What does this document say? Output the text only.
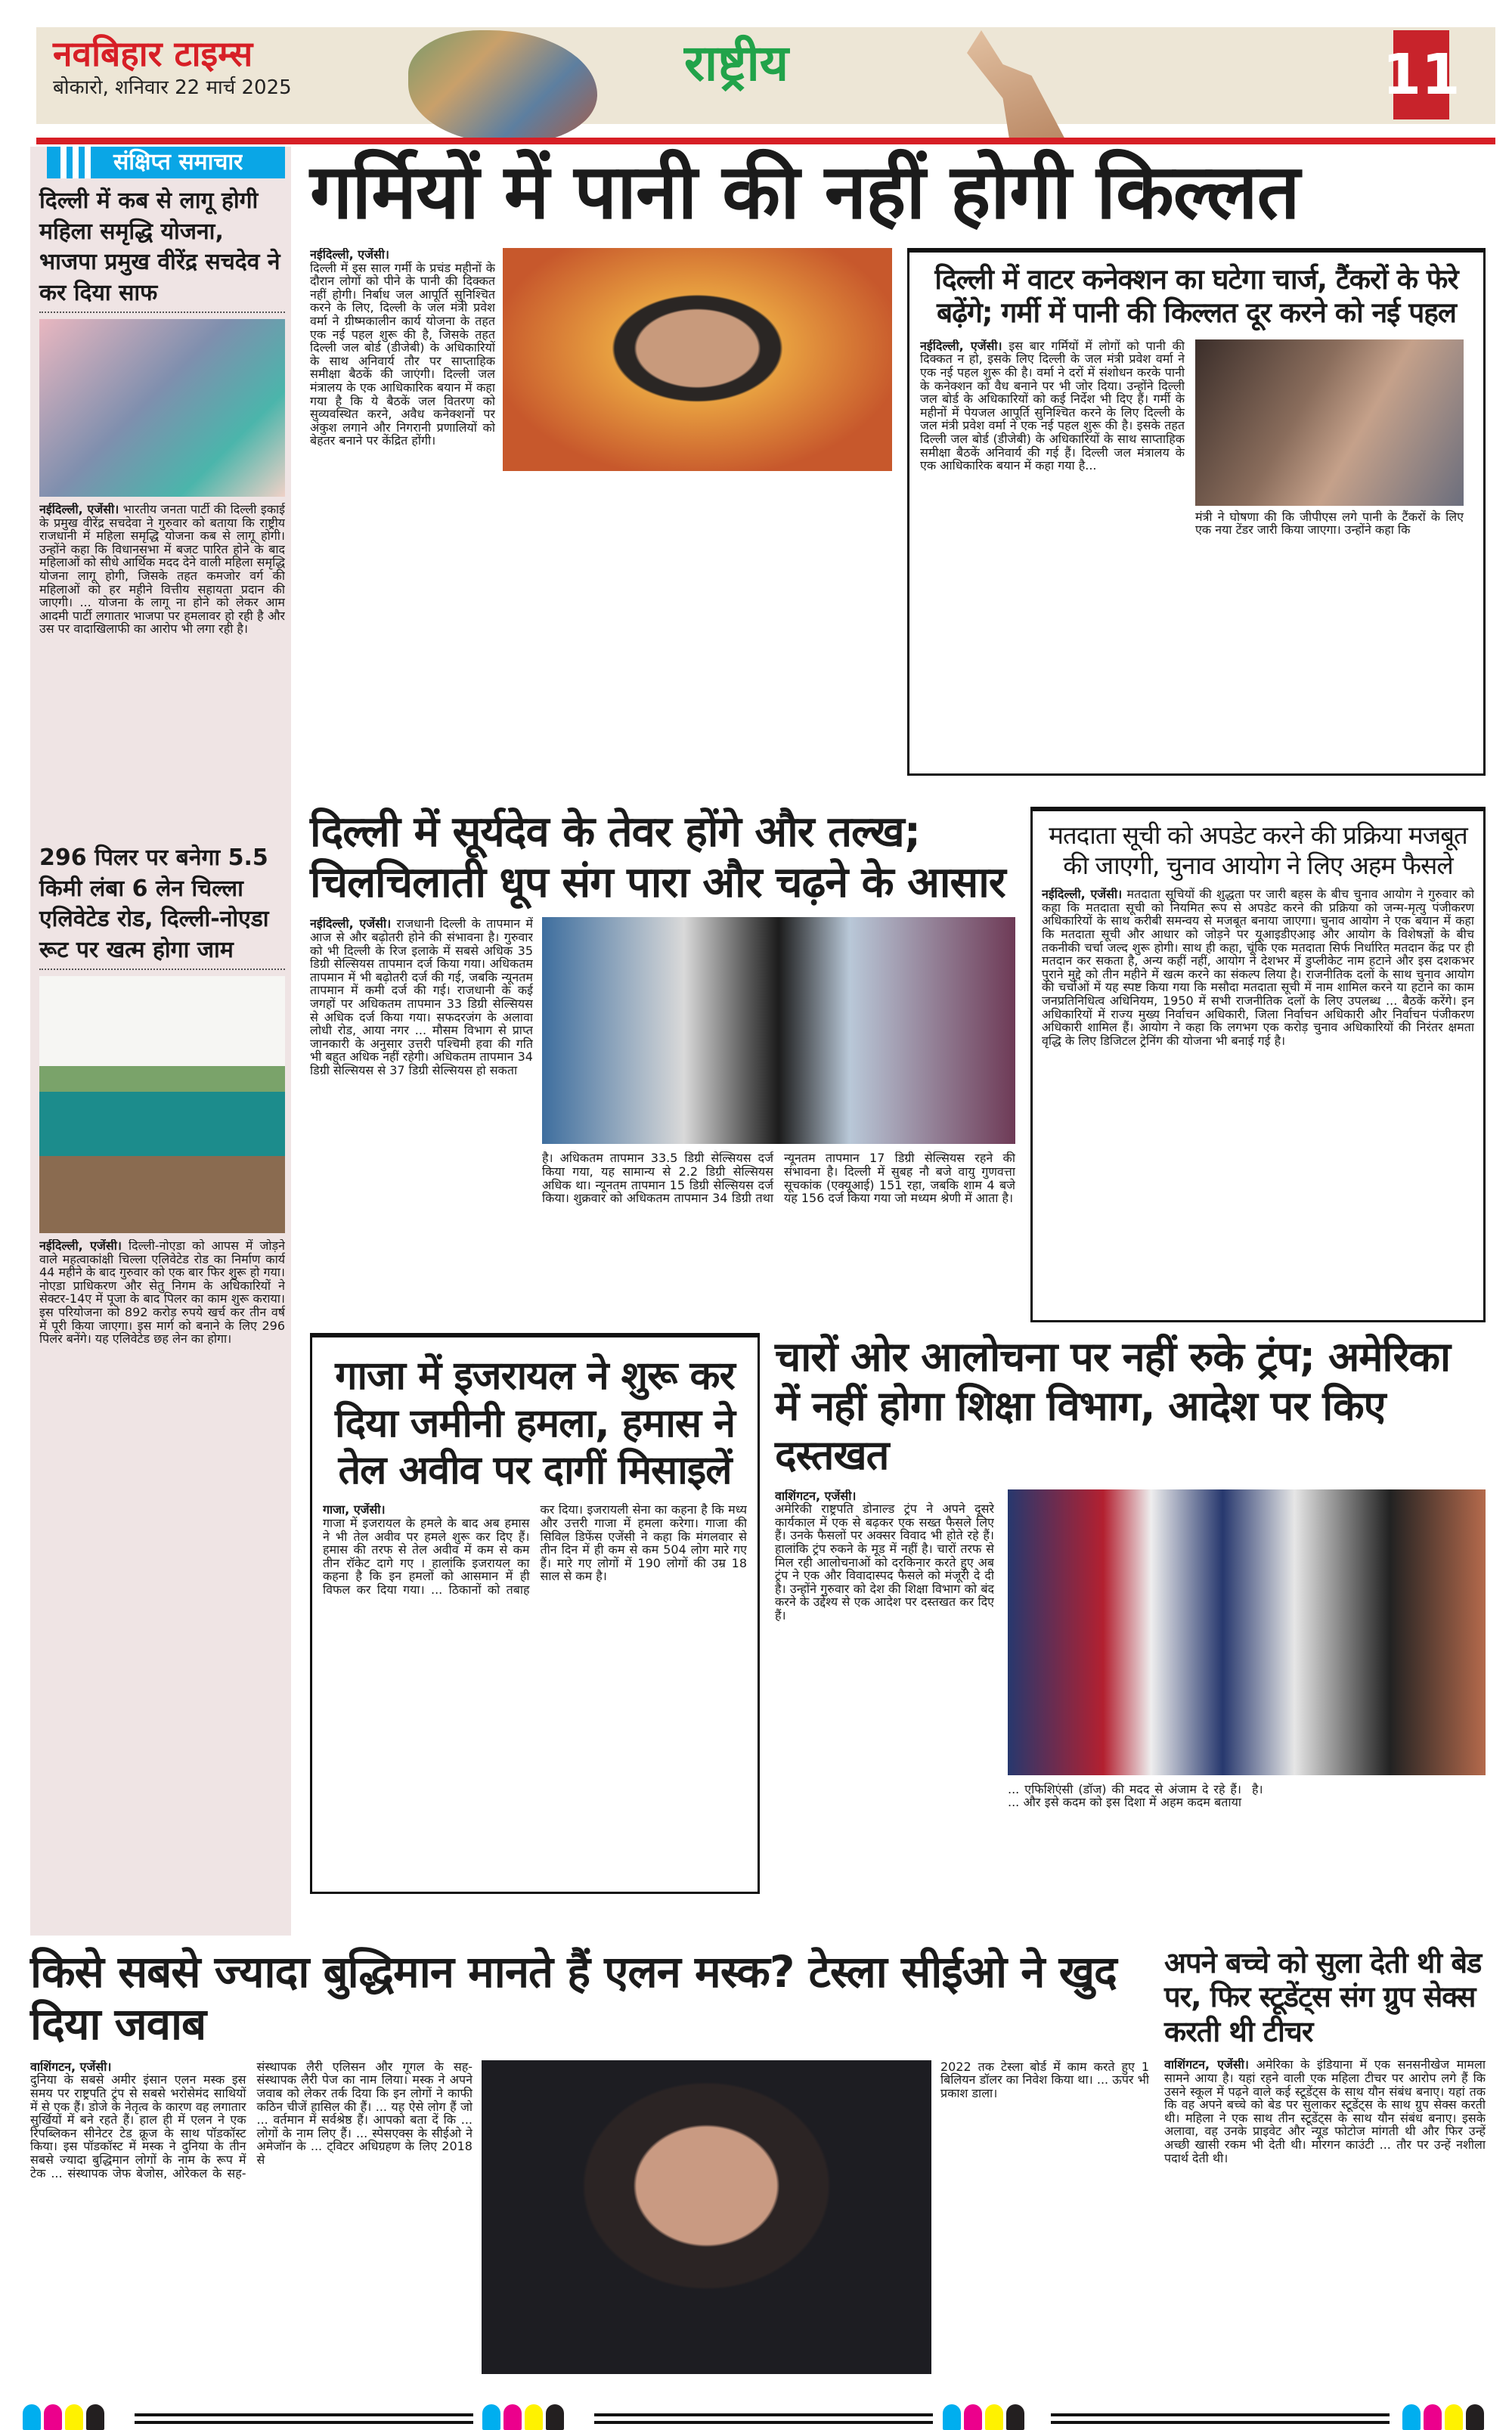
नवबिहार टाइम्स
बोकारो, शनिवार 22 मार्च 2025	राष्ट्रीय	11
संक्षिप्त समाचार
दिल्ली में कब से लागू होगी महिला समृद्धि योजना, भाजपा प्रमुख वीरेंद्र सचदेव ने कर दिया साफ
नईदिल्ली, एजेंसी। भारतीय जनता पार्टी की दिल्ली इकाई के प्रमुख वीरेंद्र सचदेवा ने गुरुवार को बताया कि राष्ट्रीय राजधानी में महिला समृद्धि योजना कब से लागू होगी। उन्होंने कहा कि विधानसभा में बजट पारित होने के बाद महिलाओं को सीधे आर्थिक मदद देने वाली महिला समृद्धि योजना लागू होगी, जिसके तहत कमजोर वर्ग की महिलाओं को हर महीने वित्तीय सहायता प्रदान की जाएगी। ... योजना के लागू ना होने को लेकर आम आदमी पार्टी लगातार भाजपा पर हमलावर हो रही है और उस पर वादाखिलाफी का आरोप भी लगा रही है।
296 पिलर पर बनेगा 5.5 किमी लंबा 6 लेन चिल्ला एलिवेटेड रोड, दिल्ली-नोएडा रूट पर खत्म होगा जाम
नईदिल्ली, एजेंसी। दिल्ली-नोएडा को आपस में जोड़ने वाले महत्वाकांक्षी चिल्ला एलिवेटेड रोड का निर्माण कार्य 44 महीने के बाद गुरुवार को एक बार फिर शुरू हो गया। नोएडा प्राधिकरण और सेतु निगम के अधिकारियों ने सेक्टर-14ए में पूजा के बाद पिलर का काम शुरू कराया। इस परियोजना को 892 करोड़ रुपये खर्च कर तीन वर्ष में पूरी किया जाएगा। इस मार्ग को बनाने के लिए 296 पिलर बनेंगे। यह एलिवेटेड छह लेन का होगा।
गर्मियों में पानी की नहीं होगी किल्लत
नईदिल्ली, एजेंसी।
दिल्ली में इस साल गर्मी के प्रचंड महीनों के दौरान लोगों को पीने के पानी की दिक्कत नहीं होगी। निर्बाध जल आपूर्ति सुनिश्चित करने के लिए, दिल्ली के जल मंत्री प्रवेश वर्मा ने ग्रीष्मकालीन कार्य योजना के तहत एक नई पहल शुरू की है, जिसके तहत दिल्ली जल बोर्ड (डीजेबी) के अधिकारियों के साथ अनिवार्य तौर पर साप्ताहिक समीक्षा बैठकें की जाएंगी। दिल्ली जल मंत्रालय के एक आधिकारिक बयान में कहा गया है कि ये बैठकें जल वितरण को सुव्यवस्थित करने, अवैध कनेक्शनों पर अंकुश लगाने और निगरानी प्रणालियों को बेहतर बनाने पर केंद्रित होंगी।

दिल्ली में वाटर कनेक्शन का घटेगा चार्ज, टैंकरों के फेरे बढ़ेंगे; गर्मी में पानी की किल्लत दूर करने को नई पहल
नईदिल्ली, एजेंसी। इस बार गर्मियों में लोगों को पानी की दिक्कत न हो, इसके लिए दिल्ली के जल मंत्री प्रवेश वर्मा ने एक नई पहल शुरू की है। वर्मा ने दरों में संशोधन करके पानी के कनेक्शन को वैध बनाने पर भी जोर दिया। उन्होंने दिल्ली जल बोर्ड के अधिकारियों को कई निर्देश भी दिए हैं। गर्मी के महीनों में पेयजल आपूर्ति सुनिश्चित करने के लिए दिल्ली के जल मंत्री प्रवेश वर्मा ने एक नई पहल शुरू की है। इसके तहत दिल्ली जल बोर्ड (डीजेबी) के अधिकारियों के साथ साप्ताहिक समीक्षा बैठकें अनिवार्य की गई हैं। दिल्ली जल मंत्रालय के एक आधिकारिक बयान में कहा गया है...
मंत्री ने घोषणा की कि जीपीएस लगे पानी के टैंकरों के लिए एक नया टेंडर जारी किया जाएगा। उन्होंने कहा कि
दिल्ली में सूर्यदेव के तेवर होंगे और तल्ख; चिलचिलाती धूप संग पारा और चढ़ने के आसार
नईदिल्ली, एजेंसी। राजधानी दिल्ली के तापमान में आज से और बढ़ोतरी होने की संभावना है। गुरुवार को भी दिल्ली के रिज इलाके में सबसे अधिक 35 डिग्री सेल्सियस तापमान दर्ज किया गया। अधिकतम तापमान में भी बढ़ोतरी दर्ज की गई, जबकि न्यूनतम तापमान में कमी दर्ज की गई। राजधानी के कई जगहों पर अधिकतम तापमान 33 डिग्री सेल्सियस से अधिक दर्ज किया गया। सफदरजंग के अलावा लोधी रोड, आया नगर ... मौसम विभाग से प्राप्त जानकारी के अनुसार उत्तरी पश्चिमी हवा की गति भी बहुत अधिक नहीं रहेगी। अधिकतम तापमान 34 डिग्री सेल्सियस से 37 डिग्री सेल्सियस हो सकता
है। अधिकतम तापमान 33.5 डिग्री सेल्सियस दर्ज किया गया, यह सामान्य से 2.2 डिग्री सेल्सियस अधिक था। न्यूनतम तापमान 15 डिग्री सेल्सियस दर्ज किया। शुक्रवार को अधिकतम तापमान 34 डिग्री तथा न्यूनतम तापमान 17 डिग्री सेल्सियस रहने की संभावना है। दिल्ली में सुबह नौ बजे वायु गुणवत्ता सूचकांक (एक्यूआई) 151 रहा, जबकि शाम 4 बजे यह 156 दर्ज किया गया जो मध्यम श्रेणी में आता है।
मतदाता सूची को अपडेट करने की प्रक्रिया मजबूत की जाएगी, चुनाव आयोग ने लिए अहम फैसले
नईदिल्ली, एजेंसी। मतदाता सूचियों की शुद्धता पर जारी बहस के बीच चुनाव आयोग ने गुरुवार को कहा कि मतदाता सूची को नियमित रूप से अपडेट करने की प्रक्रिया को जन्म-मृत्यु पंजीकरण अधिकारियों के साथ करीबी समन्वय से मजबूत बनाया जाएगा। चुनाव आयोग ने एक बयान में कहा कि मतदाता सूची और आधार को जोड़ने पर यूआइडीएआइ और आयोग के विशेषज्ञों के बीच तकनीकी चर्चा जल्द शुरू होगी। साथ ही कहा, चूंकि एक मतदाता सिर्फ निर्धारित मतदान केंद्र पर ही मतदान कर सकता है, अन्य कहीं नहीं, आयोग ने देशभर में डुप्लीकेट नाम हटाने और इस दशकभर पुराने मुद्दे को तीन महीने में खत्म करने का संकल्प लिया है। राजनीतिक दलों के साथ चुनाव आयोग की चर्चाओं में यह स्पष्ट किया गया कि मसौदा मतदाता सूची में नाम शामिल करने या हटाने का काम जनप्रतिनिधित्व अधिनियम, 1950 में सभी राजनीतिक दलों के लिए उपलब्ध ... बैठकें करेंगे। इन अधिकारियों में राज्य मुख्य निर्वाचन अधिकारी, जिला निर्वाचन अधिकारी और निर्वाचन पंजीकरण अधिकारी शामिल हैं। आयोग ने कहा कि लगभग एक करोड़ चुनाव अधिकारियों की निरंतर क्षमता वृद्धि के लिए डिजिटल ट्रेनिंग की योजना भी बनाई गई है।
गाजा में इजरायल ने शुरू कर दिया जमीनी हमला, हमास ने तेल अवीव पर दागीं मिसाइलें
गाजा, एजेंसी।
गाजा में इजरायल के हमले के बाद अब हमास ने भी तेल अवीव पर हमले शुरू कर दिए हैं। हमास की तरफ से तेल अवीव में कम से कम तीन रॉकेट दागे गए । हालांकि इजरायल का कहना है कि इन हमलों को आसमान में ही विफल कर दिया गया। ... ठिकानों को तबाह कर दिया। इजरायली सेना का कहना है कि मध्य और उत्तरी गाजा में हमला करेगा। गाजा की सिविल डिफेंस एजेंसी ने कहा कि मंगलवार से तीन दिन में ही कम से कम 504 लोग मारे गए हैं। मारे गए लोगों में 190 लोगों की उम्र 18 साल से कम है।
चारों ओर आलोचना पर नहीं रुके ट्रंप; अमेरिका में नहीं होगा शिक्षा विभाग, आदेश पर किए दस्तखत
वाशिंगटन, एजेंसी।
अमेरिकी राष्ट्रपति डोनाल्ड ट्रंप ने अपने दूसरे कार्यकाल में एक से बढ़कर एक सख्त फैसले लिए हैं। उनके फैसलों पर अक्सर विवाद भी होते रहे हैं। हालांकि ट्रंप रुकने के मूड में नहीं है। चारों तरफ से मिल रही आलोचनाओं को दरकिनार करते हुए अब ट्रंप ने एक और विवादास्पद फैसले को मंजूरी दे दी है। उन्होंने गुरुवार को देश की शिक्षा विभाग को बंद करने के उद्देश्य से एक आदेश पर दस्तखत कर दिए हैं।
... एफिशिएंसी (डॉज) की मदद से अंजाम दे रहे हैं। ... और इसे कदम को इस दिशा में अहम कदम बताया है।
किसे सबसे ज्यादा बुद्धिमान मानते हैं एलन मस्क? टेस्ला सीईओ ने खुद दिया जवाब
वाशिंगटन, एजेंसी।
दुनिया के सबसे अमीर इंसान एलन मस्क इस समय पर राष्ट्रपति ट्रंप से सबसे भरोसेमंद साथियों में से एक हैं। डोजे के नेतृत्व के कारण वह लगातार सुर्खियों में बने रहते हैं। हाल ही में एलन ने एक रिपब्लिकन सीनेटर टेड क्रूज के साथ पॉडकॉस्ट किया। इस पॉडकॉस्ट में मस्क ने दुनिया के तीन सबसे ज्यादा बुद्धिमान लोगों के नाम के रूप में टेक ... संस्थापक जेफ बेजोस, ओरेकल के सह-संस्थापक लैरी एलिसन और गूगल के सह-संस्थापक लैरी पेज का नाम लिया। मस्क ने अपने जवाब को लेकर तर्क दिया कि इन लोगों ने काफी कठिन चीजें हासिल की हैं। ... यह ऐसे लोग हैं जो ... वर्तमान में सर्वश्रेष्ठ हैं। आपको बता दें कि ... लोगों के नाम लिए हैं। ... स्पेसएक्स के सीईओ ने अमेजॉन के ... ट्विटर अधिग्रहण के लिए 2018 से
2022 तक टेस्ला बोर्ड में काम करते हुए 1 बिलियन डॉलर का निवेश किया था। ... ऊपर भी प्रकाश डाला।
अपने बच्चे को सुला देती थी बेड पर, फिर स्टूडेंट्स संग ग्रुप सेक्स करती थी टीचर
वाशिंगटन, एजेंसी। अमेरिका के इंडियाना में एक सनसनीखेज मामला सामने आया है। यहां रहने वाली एक महिला टीचर पर आरोप लगे हैं कि उसने स्कूल में पढ़ने वाले कई स्टूडेंट्स के साथ यौन संबंध बनाए। यहां तक कि वह अपने बच्चे को बेड पर सुलाकर स्टूडेंट्स के साथ ग्रुप सेक्स करती थी। महिला ने एक साथ तीन स्टूडेंट्स के साथ यौन संबंध बनाए। इसके अलावा, वह उनके प्राइवेट और न्यूड फोटोज मांगती थी और फिर उन्हें अच्छी खासी रकम भी देती थी। मोरगन काउंटी ... तौर पर उन्हें नशीला पदार्थ देती थी।
